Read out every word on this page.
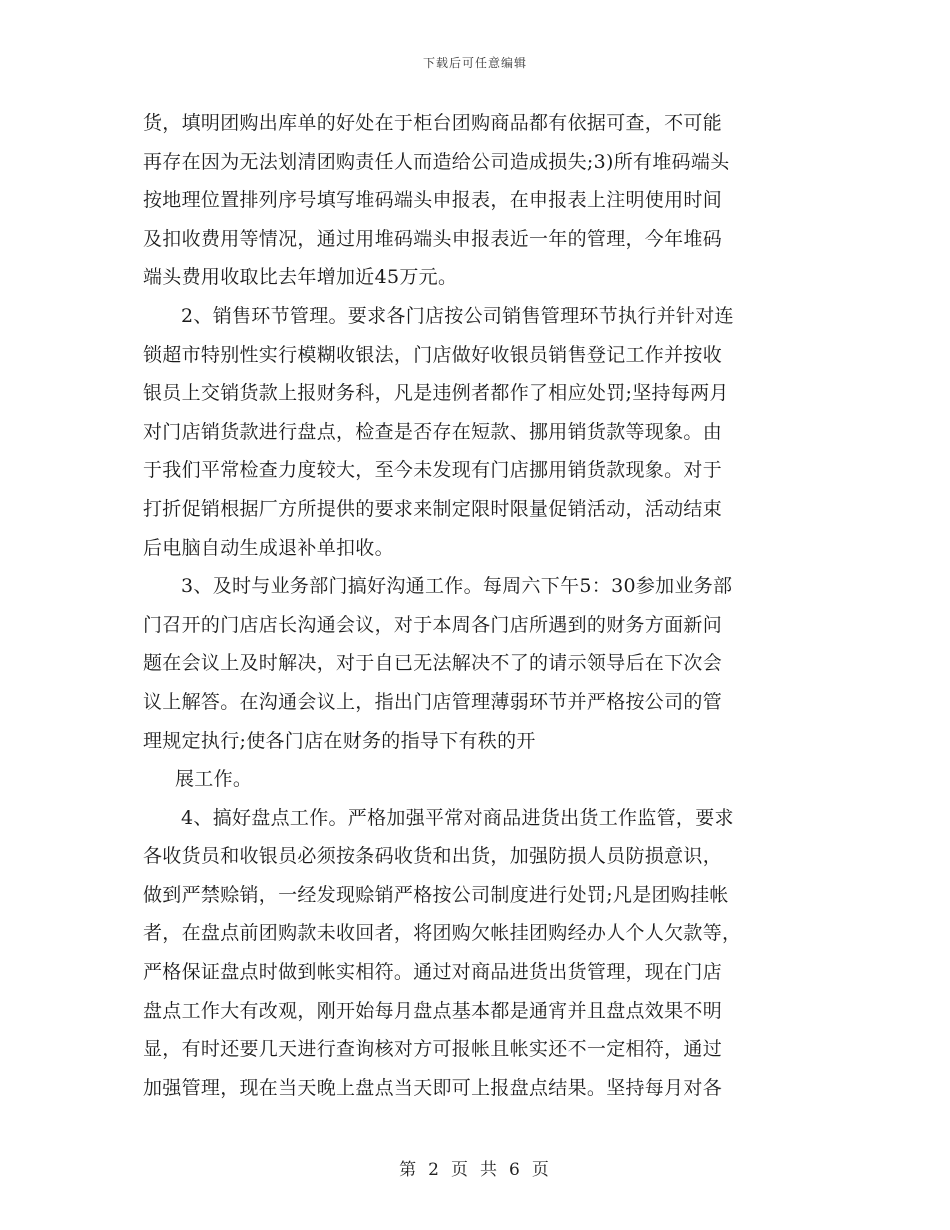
下载后可任意编辑
货，填明团购出库单的好处在于柜台团购商品都有依据可查，不可能
再存在因为无法划清团购责任人而造给公司造成损失;3)所有堆码端头
按地理位置排列序号填写堆码端头申报表，在申报表上注明使用时间
及扣收费用等情况，通过用堆码端头申报表近一年的管理，今年堆码
端头费用收取比去年增加近45万元。
2、销售环节管理。要求各门店按公司销售管理环节执行并针对连
锁超市特别性实行模糊收银法，门店做好收银员销售登记工作并按收
银员上交销货款上报财务科，凡是违例者都作了相应处罚;坚持每两月
对门店销货款进行盘点，检查是否存在短款、挪用销货款等现象。由
于我们平常检查力度较大，至今未发现有门店挪用销货款现象。对于
打折促销根据厂方所提供的要求来制定限时限量促销活动，活动结束
后电脑自动生成退补单扣收。
3、及时与业务部门搞好沟通工作。每周六下午5：30参加业务部
门召开的门店店长沟通会议，对于本周各门店所遇到的财务方面新问
题在会议上及时解决，对于自已无法解决不了的请示领导后在下次会
议上解答。在沟通会议上，指出门店管理薄弱环节并严格按公司的管
理规定执行;使各门店在财务的指导下有秩的开
展工作。
4、搞好盘点工作。严格加强平常对商品进货出货工作监管，要求
各收货员和收银员必须按条码收货和出货，加强防损人员防损意识，
做到严禁赊销，一经发现赊销严格按公司制度进行处罚;凡是团购挂帐
者，在盘点前团购款未收回者，将团购欠帐挂团购经办人个人欠款等，
严格保证盘点时做到帐实相符。通过对商品进货出货管理，现在门店
盘点工作大有改观，刚开始每月盘点基本都是通宵并且盘点效果不明
显，有时还要几天进行查询核对方可报帐且帐实还不一定相符，通过
加强管理，现在当天晚上盘点当天即可上报盘点结果。坚持每月对各
第 2 页 共 6 页
